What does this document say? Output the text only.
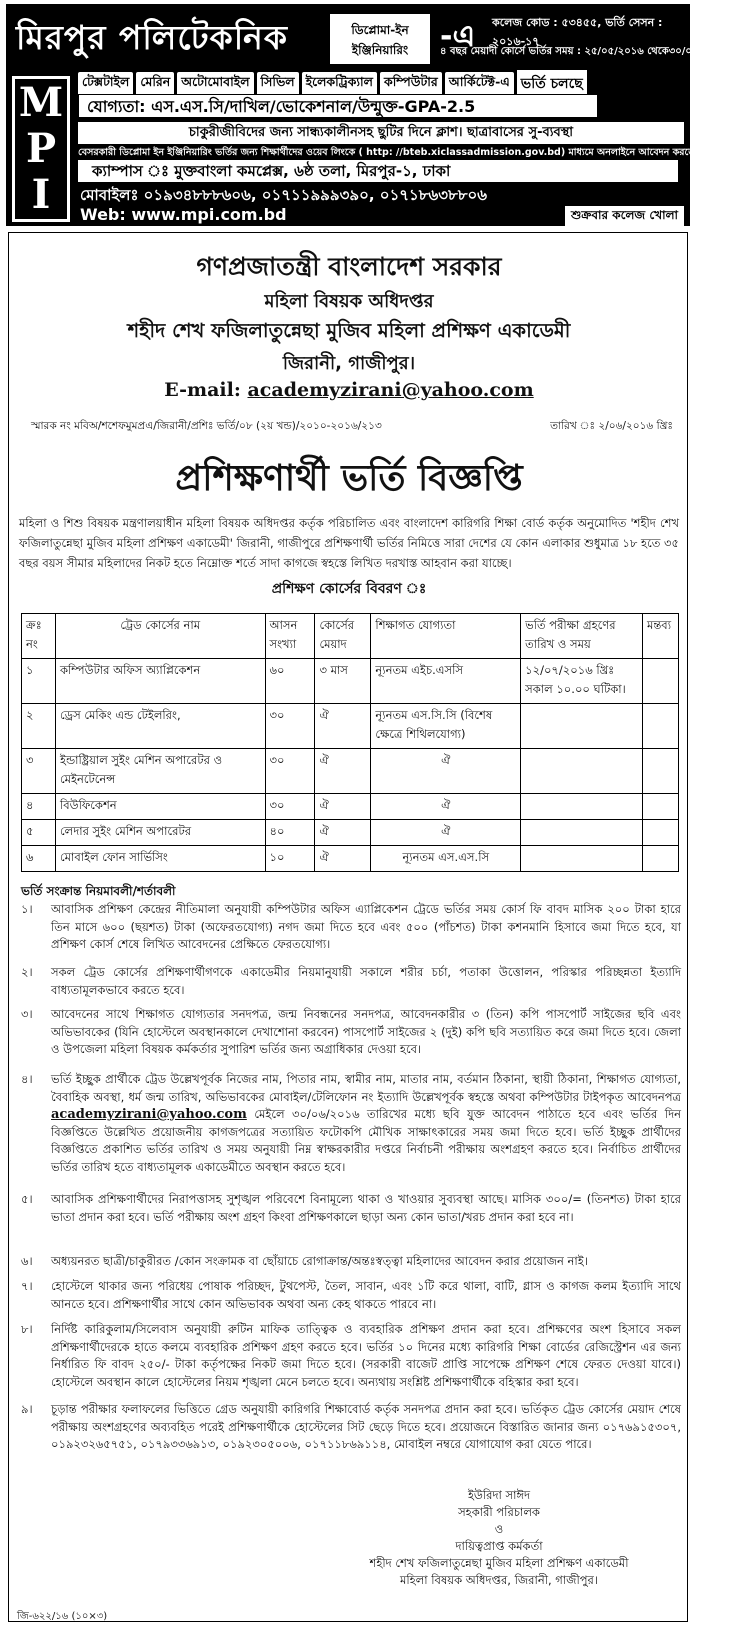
মিরপুর পলিটেকনিক	ডিপ্লোমা-ইন
ইঞ্জিনিয়ারিং	-এ কলেজ কোড : ৫৩৪৫৫, ভর্তি সেসন : ২০১৬-১৭
৪ বছর মেয়াদী কোর্সে ভর্তির সময় : ২৫/০৫/২০১৬ থেকে৩০/০৬/২০১৬ পর্যন্ত
M
P
I
টেক্সটাইল মেরিন অটোমোবাইল সিভিল ইলেকট্রিক্যাল কম্পিউটার আর্কিটেক্ট-এ ভর্তি চলছে
যোগ্যতা: এস.এস.সি/দাখিল/ভোকেশনাল/উন্মুক্ত-GPA-2.5
চাকুরীজীবিদের জন্য সান্ধ্যকালীনসহ ছুটির দিনে ক্লাশ। ছাত্রাবাসের সু-ব্যবস্থা
বেসরকারী ডিপ্লোমা ইন ইঞ্জিনিয়ারিং ভর্তির জন্য শিক্ষার্থীদের ওয়েব লিংকে ( http: //bteb.xiclassadmission.gov.bd) মাধ্যমে অনলাইনে আবেদন করতে হবে।
ক্যাম্পাস ঃ মুক্তবাংলা কমপ্লেক্স, ৬ষ্ঠ তলা, মিরপুর-১, ঢাকা
মোবাইলঃ ০১৯৩৪৮৮৮৬০৬, ০১৭১১৯৯৯৩৯০, ০১৭১৮৬৩৮৮০৬
Web: www.mpi.com.bd	শুক্রবার কলেজ খোলা
গণপ্রজাতন্ত্রী বাংলাদেশ সরকার
মহিলা বিষয়ক অধিদপ্তর
শহীদ শেখ ফজিলাতুন্নেছা মুজিব মহিলা প্রশিক্ষণ একাডেমী
জিরানী, গাজীপুর।
E-mail: academyzirani@yahoo.com
স্মারক নং মবিঅ/শশেফমুমপ্রএ/জিরানী/প্রশিঃ ভর্তি/০৮ (২য় খন্ড)/২০১০-২০১৬/২১৩	তারিখ ঃ ২/০৬/২০১৬ খ্রিঃ
প্রশিক্ষণার্থী ভর্তি বিজ্ঞপ্তি
মহিলা ও শিশু বিষয়ক মন্ত্রণালয়াধীন মহিলা বিষয়ক অধিদপ্তর কর্তৃক পরিচালিত এবং বাংলাদেশ কারিগরি শিক্ষা বোর্ড কর্তৃক অনুমোদিত 'শহীদ শেখ ফজিলাতুন্নেছা মুজিব মহিলা প্রশিক্ষণ একাডেমী' জিরানী, গাজীপুরে প্রশিক্ষণার্থী ভর্তির নিমিত্তে সারা দেশের যে কোন এলাকার শুধুমাত্র ১৮ হতে ৩৫ বছর বয়স সীমার মহিলাদের নিকট হতে নিম্নোক্ত শর্তে সাদা কাগজে স্বহস্তে লিখিত দরখাস্ত আহবান করা যাচ্ছে।
প্রশিক্ষণ কোর্সের বিবরণ ঃ
ক্রঃ নং	ট্রেড কোর্সের নাম	আসন সংখ্যা	কোর্সের মেয়াদ	শিক্ষাগত যোগ্যতা	ভর্তি পরীক্ষা গ্রহণের তারিখ ও সময়	মন্তব্য
১	কম্পিউটার অফিস অ্যাপ্লিকেশন	৬০	৩ মাস	ন্যূনতম এইচ.এসসি	১২/০৭/২০১৬ খ্রিঃ সকাল ১০.০০ ঘটিকা।	
২	ড্রেস মেকিং এন্ড টেইলরিং,	৩০	ঐ	ন্যূনতম এস.সি.সি (বিশেষ ক্ষেত্রে শিথিলযোগ্য)		
৩	ইন্ডাষ্ট্রিয়াল সুইং মেশিন অপারেটর ও মেইনটেনেন্স	৩০	ঐ	ঐ		
৪	বিউফিকেশন	৩০	ঐ	ঐ		
৫	লেদার সুইং মেশিন অপারেটর	৪০	ঐ	ঐ		
৬	মোবাইল ফোন সার্ভিসিং	১০	ঐ	ন্যূনতম এস.এস.সি		
ভর্তি সংক্রান্ত নিয়মাবলী/শর্তাবলী
১।	আবাসিক প্রশিক্ষণ কেন্দ্রের নীতিমালা অনুযায়ী কম্পিউটার অফিস এ্যাপ্লিকেশন ট্রেডে ভর্তির সময় কোর্স ফি বাবদ মাসিক ২০০ টাকা হারে তিন মাসে ৬০০ (ছয়শত) টাকা (অফেরতযোগ্য) নগদ জমা দিতে হবে এবং ৫০০ (পাঁচশত) টাকা কশনমানি হিসাবে জমা দিতে হবে, যা প্রশিক্ষণ কোর্স শেষে লিখিত আবেদনের প্রেক্ষিতে ফেরতযোগ্য।
২।	সকল ট্রেড কোর্সের প্রশিক্ষণার্থীগণকে একাডেমীর নিয়মানুযায়ী সকালে শরীর চর্চা, পতাকা উত্তোলন, পরিস্কার পরিচ্ছন্নতা ইত্যাদি বাধ্যতামূলকভাবে করতে হবে।
৩।	আবেদনের সাথে শিক্ষাগত যোগ্যতার সনদপত্র, জন্ম নিবন্ধনের সনদপত্র, আবেদনকারীর ৩ (তিন) কপি পাসপোর্ট সাইজের ছবি এবং অভিভাবকের (যিনি হোস্টেলে অবস্থানকালে দেখাশোনা করবেন) পাসপোর্ট সাইজের ২ (দুই) কপি ছবি সত্যায়িত করে জমা দিতে হবে। জেলা ও উপজেলা মহিলা বিষয়ক কর্মকর্তার সুপারিশ ভর্তির জন্য অগ্রাধিকার দেওয়া হবে।
৪।	ভর্তি ইচ্ছুক প্রার্থীকে ট্রেড উল্লেখপূর্বক নিজের নাম, পিতার নাম, স্বামীর নাম, মাতার নাম, বর্তমান ঠিকানা, স্থায়ী ঠিকানা, শিক্ষাগত যোগ্যতা, বৈবাহিক অবস্থা, ধর্ম জন্ম তারিখ, অভিভাবকের মোবাইল/টেলিফোন নং ইত্যাদি উল্লেখপূর্বক স্বহস্তে অথবা কম্পিউটার টাইপকৃত আবেদনপত্র academyzirani@yahoo.com মেইলে ৩০/০৬/২০১৬ তারিখের মধ্যে ছবি যুক্ত আবেদন পাঠাতে হবে এবং ভর্তির দিন বিজ্ঞপ্তিতে উল্লেখিত প্রয়োজনীয় কাগজপত্রের সত্যায়িত ফটোকপি মৌখিক সাক্ষাৎকারের সময় জমা দিতে হবে। ভর্তি ইচ্ছুক প্রার্থীদের বিজ্ঞপ্তিতে প্রকাশিত ভর্তির তারিখ ও সময় অনুযায়ী নিম্ন স্বাক্ষরকারীর দপ্তরে নির্বাচনী পরীক্ষায় অংশগ্রহণ করতে হবে। নির্বাচিত প্রার্থীদের ভর্তির তারিখ হতে বাধ্যতামূলক একাডেমীতে অবস্থান করতে হবে।
৫।	আবাসিক প্রশিক্ষণার্থীদের নিরাপত্তাসহ সুশৃঙ্খল পরিবেশে বিনামূল্যে থাকা ও খাওয়ার সুব্যবস্থা আছে। মাসিক ৩০০/= (তিনশত) টাকা হারে ভাতা প্রদান করা হবে। ভর্তি পরীক্ষায় অংশ গ্রহণ কিংবা প্রশিক্ষণকালে ছাড়া অন্য কোন ভাতা/খরচ প্রদান করা হবে না।
৬।	অধ্যয়নরত ছাত্রী/চাকুরীরত /কোন সংক্রামক বা ছোঁয়াচে রোগাক্রান্ত/অন্তঃস্বত্ত্বা মহিলাদের আবেদন করার প্রয়োজন নাই।
৭।	হোস্টেলে থাকার জন্য পরিধেয় পোষাক পরিচ্ছদ, টুথপেস্ট, তৈল, সাবান, এবং ১টি করে থালা, বাটি, গ্লাস ও কাগজ কলম ইত্যাদি সাথে আনতে হবে। প্রশিক্ষণার্থীর সাথে কোন অভিভাবক অথবা অন্য কেহ থাকতে পারবে না।
৮।	নির্দিষ্ট কারিকুলাম/সিলেবাস অনুযায়ী রুটিন মাফিক তাত্ত্বিক ও ব্যবহারিক প্রশিক্ষণ প্রদান করা হবে। প্রশিক্ষণের অংশ হিসাবে সকল প্রশিক্ষণার্থীদেরকে হাতে কলমে ব্যবহারিক প্রশিক্ষণ গ্রহণ করতে হবে। ভর্তির ১০ দিনের মধ্যে কারিগরি শিক্ষা বোর্ডের রেজিস্ট্রেশন এর জন্য নির্ধারিত ফি বাবদ ২৫০/- টাকা কর্তৃপক্ষের নিকট জমা দিতে হবে। (সরকারী বাজেট প্রাপ্তি সাপেক্ষে প্রশিক্ষণ শেষে ফেরত দেওয়া যাবে।) হোস্টেলে অবস্থান কালে হোস্টেলের নিয়ম শৃঙ্খলা মেনে চলতে হবে। অন্যথায় সংশ্লিষ্ট প্রশিক্ষণার্থীকে বহিস্কার করা হবে।
৯।	চূড়ান্ত পরীক্ষার ফলাফলের ভিত্তিতে গ্রেড অনুযায়ী কারিগরি শিক্ষাবোর্ড কর্তৃক সনদপত্র প্রদান করা হবে। ভর্তিকৃত ট্রেড কোর্সের মেয়াদ শেষে পরীক্ষায় অংশগ্রহণের অব্যবহিত পরেই প্রশিক্ষণার্থীকে হোস্টেলের সিট ছেড়ে দিতে হবে। প্রয়োজনে বিস্তারিত জানার জন্য ০১৭৬৯১৫৩০৭, ০১৯২৩২৬৫৭৫১, ০১৭৯৩৩৬৯১৩, ০১৯২৩০৫০০৬, ০১৭১১৮৬৯১১৪, মোবাইল নম্বরে যোগাযোগ করা যেতে পারে।
ইউরিদা সাঈদ
সহকারী পরিচালক
ও
দায়িত্বপ্রাপ্ত কর্মকর্তা
শহীদ শেখ ফজিলাতুন্নেছা মুজিব মহিলা প্রশিক্ষণ একাডেমী
মহিলা বিষয়ক অধিদপ্তর, জিরানী, গাজীপুর।
জি-৬২২/১৬ (১০×৩)
